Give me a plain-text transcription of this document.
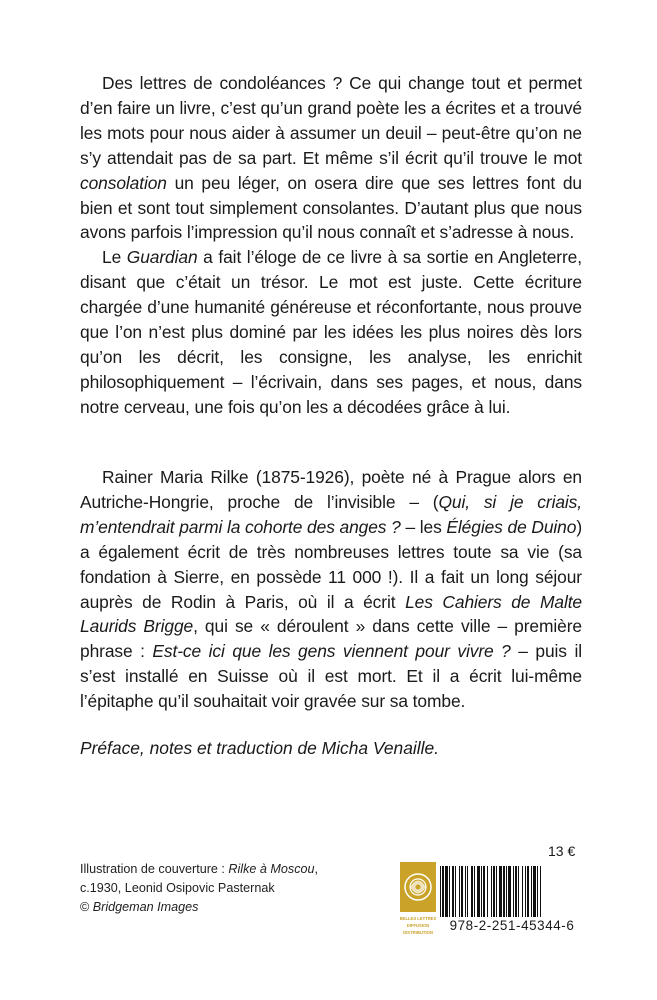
Des lettres de condoléances ? Ce qui change tout et permet d’en faire un livre, c’est qu’un grand poète les a écrites et a trouvé les mots pour nous aider à assumer un deuil – peut-être qu’on ne s’y attendait pas de sa part. Et même s’il écrit qu’il trouve le mot consolation un peu léger, on osera dire que ses lettres font du bien et sont tout simplement consolantes. D’autant plus que nous avons parfois l’impression qu’il nous connaît et s’adresse à nous.

Le Guardian a fait l’éloge de ce livre à sa sortie en Angleterre, disant que c’était un trésor. Le mot est juste. Cette écriture chargée d’une humanité généreuse et réconfortante, nous prouve que l’on n’est plus dominé par les idées les plus noires dès lors qu’on les décrit, les consigne, les analyse, les enrichit philosophiquement – l’écrivain, dans ses pages, et nous, dans notre cerveau, une fois qu’on les a décodées grâce à lui.

Rainer Maria Rilke (1875-1926), poète né à Prague alors en Autriche-Hongrie, proche de l’invisible – (Qui, si je criais, m’entendrait parmi la cohorte des anges ? – les Élégies de Duino) a également écrit de très nombreuses lettres toute sa vie (sa fondation à Sierre, en possède 11 000 !). Il a fait un long séjour auprès de Rodin à Paris, où il a écrit Les Cahiers de Malte Laurids Brigge, qui se « déroulent » dans cette ville – première phrase : Est-ce ici que les gens viennent pour vivre ? – puis il s’est installé en Suisse où il est mort. Et il a écrit lui-même l’épitaphe qu’il souhaitait voir gravée sur sa tombe.

Préface, notes et traduction de Micha Venaille.
Illustration de couverture : Rilke à Moscou,
c.1930, Leonid Osipovic Pasternak
© Bridgeman Images
13 €
BELLES LETTRES
DIFFUSION
DISTRIBUTION	978-2-251-45344-6
